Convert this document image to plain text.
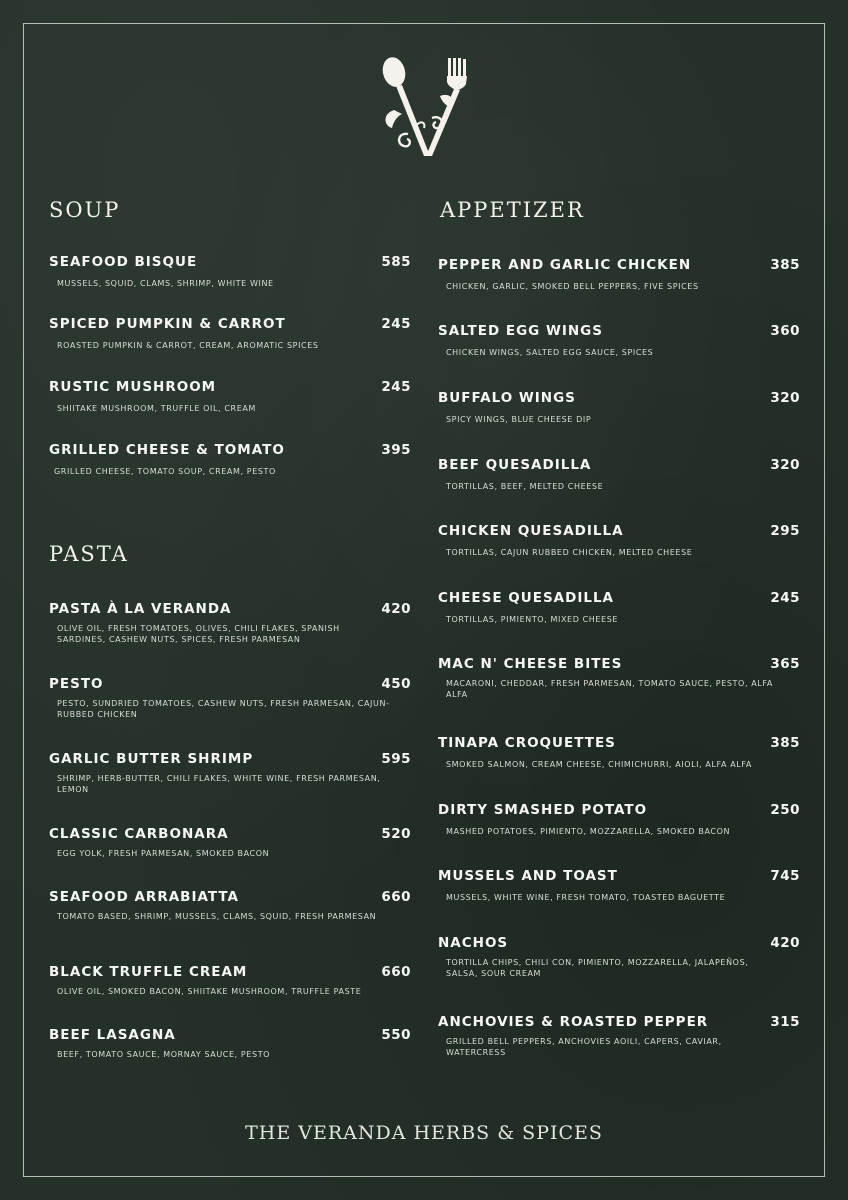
SOUP
SEAFOOD BISQUE	585
MUSSELS, SQUID, CLAMS, SHRIMP, WHITE WINE
SPICED PUMPKIN & CARROT	245
ROASTED PUMPKIN & CARROT, CREAM, AROMATIC SPICES
RUSTIC MUSHROOM	245
SHIITAKE MUSHROOM, TRUFFLE OIL, CREAM
GRILLED CHEESE & TOMATO	395
GRILLED CHEESE, TOMATO SOUP, CREAM, PESTO
PASTA
PASTA À LA VERANDA	420
OLIVE OIL, FRESH TOMATOES, OLIVES, CHILI FLAKES, SPANISH SARDINES, CASHEW NUTS, SPICES, FRESH PARMESAN
PESTO	450
PESTO, SUNDRIED TOMATOES, CASHEW NUTS, FRESH PARMESAN, CAJUN-RUBBED CHICKEN
GARLIC BUTTER SHRIMP	595
SHRIMP, HERB-BUTTER, CHILI FLAKES, WHITE WINE, FRESH PARMESAN, LEMON
CLASSIC CARBONARA	520
EGG YOLK, FRESH PARMESAN, SMOKED BACON
SEAFOOD ARRABIATTA	660
TOMATO BASED, SHRIMP, MUSSELS, CLAMS, SQUID, FRESH PARMESAN
BLACK TRUFFLE CREAM	660
OLIVE OIL, SMOKED BACON, SHIITAKE MUSHROOM, TRUFFLE PASTE
BEEF LASAGNA	550
BEEF, TOMATO SAUCE, MORNAY SAUCE, PESTO
APPETIZER
PEPPER AND GARLIC CHICKEN	385
CHICKEN, GARLIC, SMOKED BELL PEPPERS, FIVE SPICES
SALTED EGG WINGS	360
CHICKEN WINGS, SALTED EGG SAUCE, SPICES
BUFFALO WINGS	320
SPICY WINGS, BLUE CHEESE DIP
BEEF QUESADILLA	320
TORTILLAS, BEEF, MELTED CHEESE
CHICKEN QUESADILLA	295
TORTILLAS, CAJUN RUBBED CHICKEN, MELTED CHEESE
CHEESE QUESADILLA	245
TORTILLAS, PIMIENTO, MIXED CHEESE
MAC N' CHEESE BITES	365
MACARONI, CHEDDAR, FRESH PARMESAN, TOMATO SAUCE, PESTO, ALFA ALFA
TINAPA CROQUETTES	385
SMOKED SALMON, CREAM CHEESE, CHIMICHURRI, AIOLI, ALFA ALFA
DIRTY SMASHED POTATO	250
MASHED POTATOES, PIMIENTO, MOZZARELLA, SMOKED BACON
MUSSELS AND TOAST	745
MUSSELS, WHITE WINE, FRESH TOMATO, TOASTED BAGUETTE
NACHOS	420
TORTILLA CHIPS, CHILI CON, PIMIENTO, MOZZARELLA, JALAPEÑOS, SALSA, SOUR CREAM
ANCHOVIES & ROASTED PEPPER	315
GRILLED BELL PEPPERS, ANCHOVIES AOILI, CAPERS, CAVIAR, WATERCRESS
THE VERANDA HERBS & SPICES
